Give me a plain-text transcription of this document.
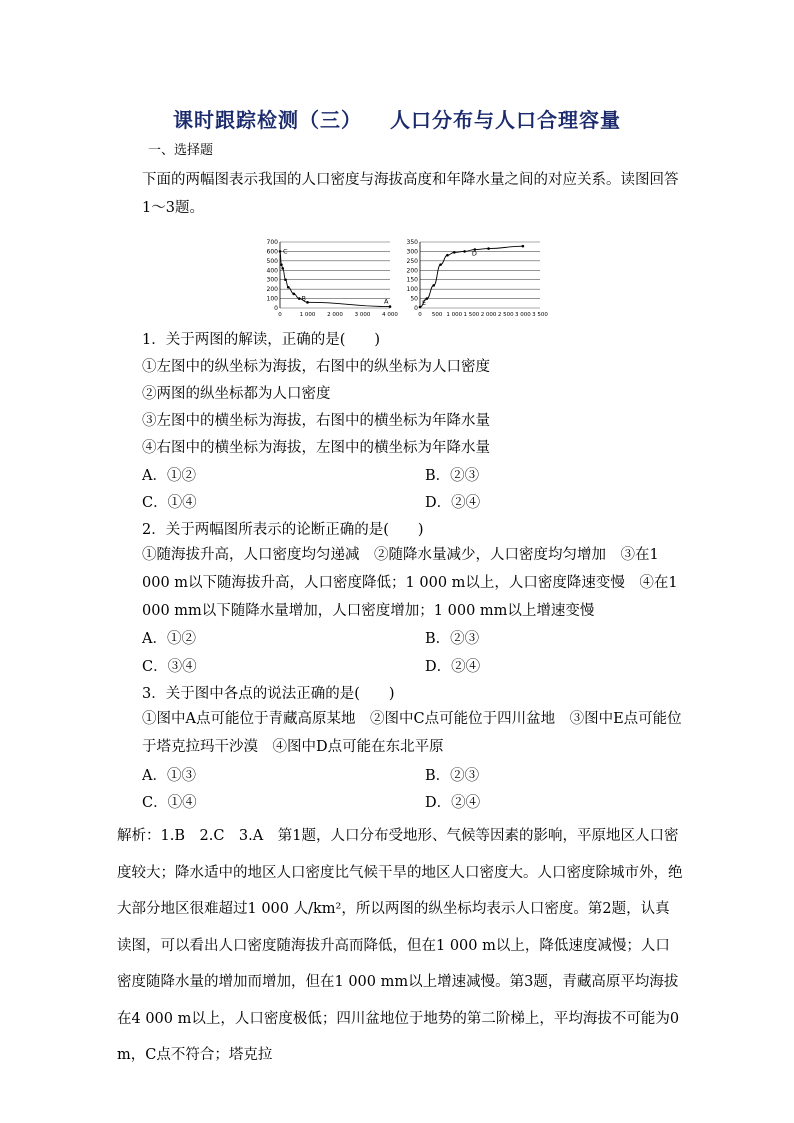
课时跟踪检测（三） 人口分布与人口合理容量
一、选择题
下面的两幅图表示我国的人口密度与海拔高度和年降水量之间的对应关系。读图回答1～3题。
700
600
500
400
300
200
100
0
0	1 000 2 000 3 000 4 000
C
B	A
350
300
250
200
150
100
50
0
0 500 1 000 1 500 2 000 2 500 3 000 3 500
E
D
1．关于两图的解读，正确的是(　　)
①左图中的纵坐标为海拔，右图中的纵坐标为人口密度
②两图的纵坐标都为人口密度
③左图中的横坐标为海拔，右图中的横坐标为年降水量
④右图中的横坐标为海拔，左图中的横坐标为年降水量
A．①②	B．②③
C．①④	D．②④
2．关于两幅图所表示的论断正确的是(　　)
①随海拔升高，人口密度均匀递减　②随降水量减少，人口密度均匀增加　③在1 000 m以下随海拔升高，人口密度降低；1 000 m以上，人口密度降速变慢　④在1 000 mm以下随降水量增加，人口密度增加；1 000 mm以上增速变慢
A．①②	B．②③
C．③④	D．②④
3．关于图中各点的说法正确的是(　　)
①图中A点可能位于青藏高原某地　②图中C点可能位于四川盆地　③图中E点可能位于塔克拉玛干沙漠　④图中D点可能在东北平原
A．①③	B．②③
C．①④	D．②④
解析：1.B　2.C　3.A　第1题，人口分布受地形、气候等因素的影响，平原地区人口密度较大；降水适中的地区人口密度比气候干旱的地区人口密度大。人口密度除城市外，绝大部分地区很难超过1 000 人/km²，所以两图的纵坐标均表示人口密度。第2题，认真读图，可以看出人口密度随海拔升高而降低，但在1 000 m以上，降低速度减慢；人口密度随降水量的增加而增加，但在1 000 mm以上增速减慢。第3题，青藏高原平均海拔在4 000 m以上，人口密度极低；四川盆地位于地势的第二阶梯上，平均海拔不可能为0 m，C点不符合；塔克拉
